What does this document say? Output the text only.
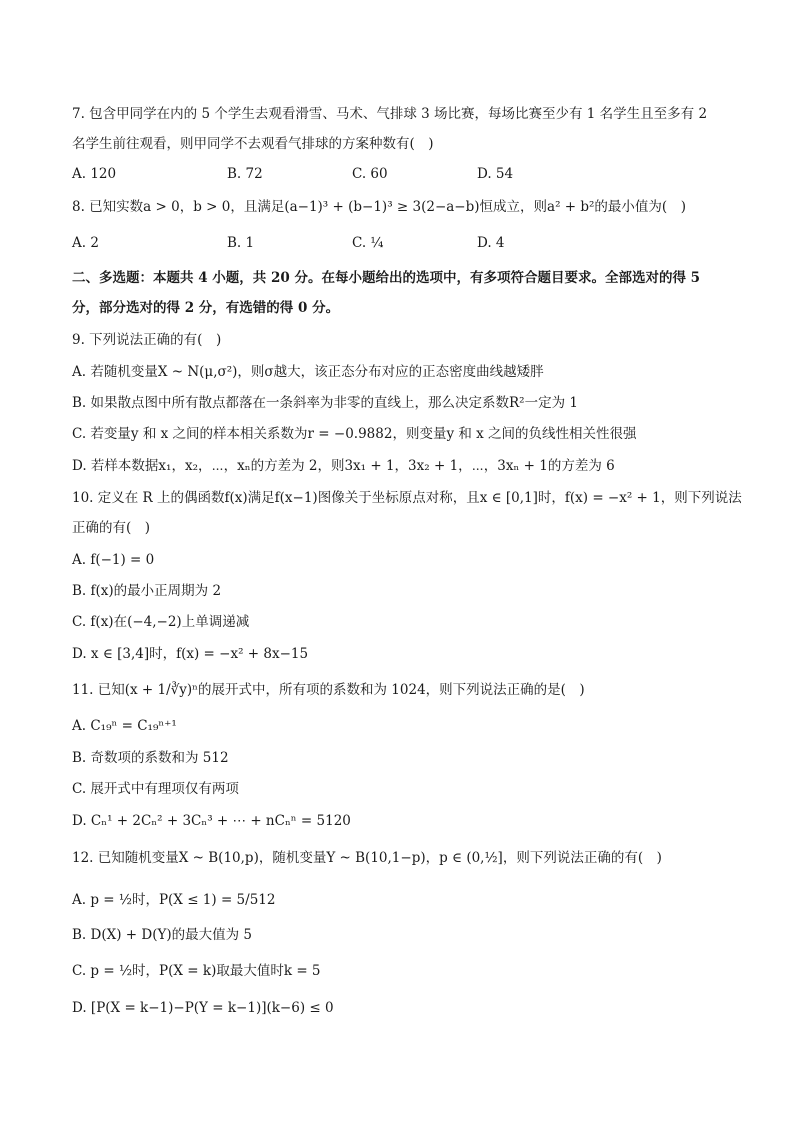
7. 包含甲同学在内的 5 个学生去观看滑雪、马术、气排球 3 场比赛，每场比赛至少有 1 名学生且至多有 2
名学生前往观看，则甲同学不去观看气排球的方案种数有(　)
A. 120	B. 72	C. 60	D. 54
8. 已知实数a > 0，b > 0，且满足(a−1)³ + (b−1)³ ≥ 3(2−a−b)恒成立，则a² + b²的最小值为(　)
A. 2	B. 1	C. ¼	D. 4
二、多选题：本题共 4 小题，共 20 分。在每小题给出的选项中，有多项符合题目要求。全部选对的得 5
分，部分选对的得 2 分，有选错的得 0 分。
9. 下列说法正确的有(　)
A. 若随机变量X ~ N(μ,σ²)，则σ越大，该正态分布对应的正态密度曲线越矮胖
B. 如果散点图中所有散点都落在一条斜率为非零的直线上，那么决定系数R²一定为 1
C. 若变量y 和 x 之间的样本相关系数为r = −0.9882，则变量y 和 x 之间的负线性相关性很强
D. 若样本数据x₁，x₂，⋯，xₙ的方差为 2，则3x₁ + 1，3x₂ + 1，⋯，3xₙ + 1的方差为 6
10. 定义在 R 上的偶函数f(x)满足f(x−1)图像关于坐标原点对称，且x ∈ [0,1]时，f(x) = −x² + 1，则下列说法
正确的有(　)
A. f(−1) = 0
B. f(x)的最小正周期为 2
C. f(x)在(−4,−2)上单调递减
D. x ∈ [3,4]时，f(x) = −x² + 8x−15
11. 已知(x + 1/∛y)ⁿ的展开式中，所有项的系数和为 1024，则下列说法正确的是(　)
A. C₁₉ⁿ = C₁₉ⁿ⁺¹
B. 奇数项的系数和为 512
C. 展开式中有理项仅有两项
D. Cₙ¹ + 2Cₙ² + 3Cₙ³ + ⋯ + nCₙⁿ = 5120
12. 已知随机变量X ~ B(10,p)，随机变量Y ~ B(10,1−p)，p ∈ (0,½]，则下列说法正确的有(　)
A. p = ½时，P(X ≤ 1) = 5/512
B. D(X) + D(Y)的最大值为 5
C. p = ½时，P(X = k)取最大值时k = 5
D. [P(X = k−1)−P(Y = k−1)](k−6) ≤ 0
